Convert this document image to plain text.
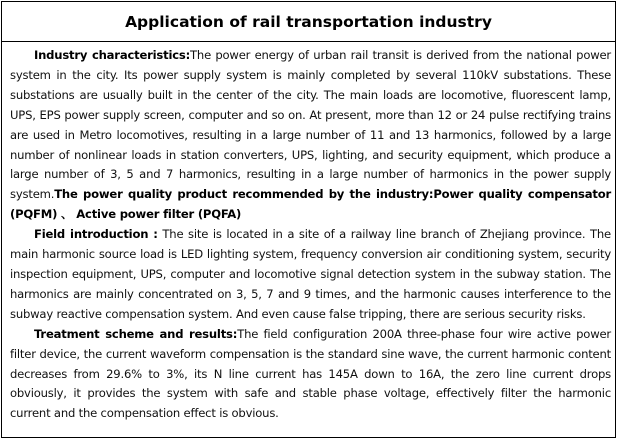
Application of rail transportation industry

Industry characteristics:The power energy of urban rail transit is derived from the national power system in the city. Its power supply system is mainly completed by several 110kV substations. These substations are usually built in the center of the city. The main loads are locomotive, fluorescent lamp, UPS, EPS power supply screen, computer and so on. At present, more than 12 or 24 pulse rectifying trains are used in Metro locomotives, resulting in a large number of 11 and 13 harmonics, followed by a large number of nonlinear loads in station converters, UPS, lighting, and security equipment, which produce a large number of 3, 5 and 7 harmonics, resulting in a large number of harmonics in the power supply system.The power quality product recommended by the industry:Power quality compensator (PQFM) 、 Active power filter (PQFA)

Field introduction : The site is located in a site of a railway line branch of Zhejiang province. The main harmonic source load is LED lighting system, frequency conversion air conditioning system, security inspection equipment, UPS, computer and locomotive signal detection system in the subway station. The harmonics are mainly concentrated on 3, 5, 7 and 9 times, and the harmonic causes interference to the subway reactive compensation system. And even cause false tripping, there are serious security risks.

Treatment scheme and results:The field configuration 200A three-phase four wire active power filter device, the current waveform compensation is the standard sine wave, the current harmonic content decreases from 29.6% to 3%, its N line current has 145A down to 16A, the zero line current drops obviously, it provides the system with safe and stable phase voltage, effectively filter the harmonic current and the compensation effect is obvious.
